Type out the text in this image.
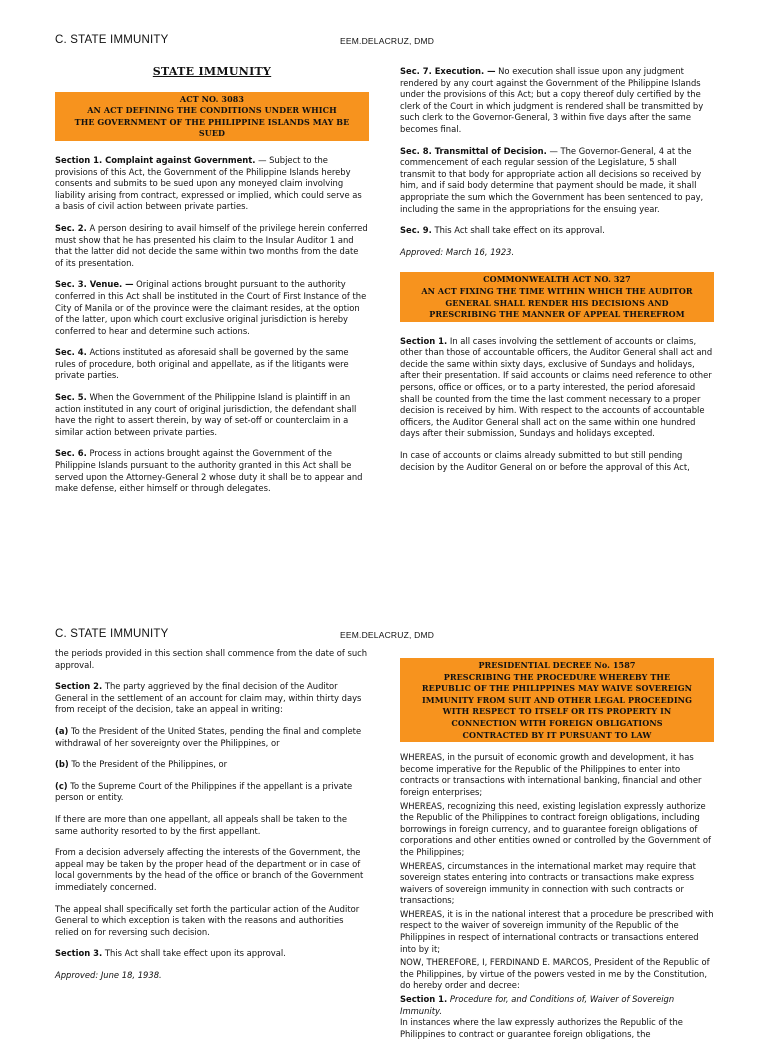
C. STATE IMMUNITY	EEM.DELACRUZ, DMD
STATE IMMUNITY
ACT NO. 3083
AN ACT DEFINING THE CONDITIONS UNDER WHICH
THE GOVERNMENT OF THE PHILIPPINE ISLANDS MAY BE
SUED

Section 1. Complaint against Government. — Subject to the provisions of this Act, the Government of the Philippine Islands hereby consents and submits to be sued upon any moneyed claim involving liability arising from contract, expressed or implied, which could serve as a basis of civil action between private parties.

Sec. 2. A person desiring to avail himself of the privilege herein conferred must show that he has presented his claim to the Insular Auditor 1 and that the latter did not decide the same within two months from the date of its presentation.

Sec. 3. Venue. — Original actions brought pursuant to the authority conferred in this Act shall be instituted in the Court of First Instance of the City of Manila or of the province were the claimant resides, at the option of the latter, upon which court exclusive original jurisdiction is hereby conferred to hear and determine such actions.

Sec. 4. Actions instituted as aforesaid shall be governed by the same rules of procedure, both original and appellate, as if the litigants were private parties.

Sec. 5. When the Government of the Philippine Island is plaintiff in an action instituted in any court of original jurisdiction, the defendant shall have the right to assert therein, by way of set-off or counterclaim in a similar action between private parties.

Sec. 6. Process in actions brought against the Government of the Philippine Islands pursuant to the authority granted in this Act shall be served upon the Attorney-General 2 whose duty it shall be to appear and make defense, either himself or through delegates.

Sec. 7. Execution. — No execution shall issue upon any judgment rendered by any court against the Government of the Philippine Islands under the provisions of this Act; but a copy thereof duly certified by the clerk of the Court in which judgment is rendered shall be transmitted by such clerk to the Governor-General, 3 within five days after the same becomes final.

Sec. 8. Transmittal of Decision. — The Governor-General, 4 at the commencement of each regular session of the Legislature, 5 shall transmit to that body for appropriate action all decisions so received by him, and if said body determine that payment should be made, it shall appropriate the sum which the Government has been sentenced to pay, including the same in the appropriations for the ensuing year.

Sec. 9. This Act shall take effect on its approval.

Approved: March 16, 1923.

COMMONWEALTH ACT NO. 327
AN ACT FIXING THE TIME WITHIN WHICH THE AUDITOR
GENERAL SHALL RENDER HIS DECISIONS AND
PRESCRIBING THE MANNER OF APPEAL THEREFROM

Section 1. In all cases involving the settlement of accounts or claims, other than those of accountable officers, the Auditor General shall act and decide the same within sixty days, exclusive of Sundays and holidays, after their presentation. If said accounts or claims need reference to other persons, office or offices, or to a party interested, the period aforesaid shall be counted from the time the last comment necessary to a proper decision is received by him. With respect to the accounts of accountable officers, the Auditor General shall act on the same within one hundred days after their submission, Sundays and holidays excepted.

In case of accounts or claims already submitted to but still pending decision by the Auditor General on or before the approval of this Act,

C. STATE IMMUNITY	EEM.DELACRUZ, DMD

the periods provided in this section shall commence from the date of such approval.

Section 2. The party aggrieved by the final decision of the Auditor General in the settlement of an account for claim may, within thirty days from receipt of the decision, take an appeal in writing:

(a) To the President of the United States, pending the final and complete withdrawal of her sovereignty over the Philippines, or

(b) To the President of the Philippines, or

(c) To the Supreme Court of the Philippines if the appellant is a private person or entity.

If there are more than one appellant, all appeals shall be taken to the same authority resorted to by the first appellant.

From a decision adversely affecting the interests of the Government, the appeal may be taken by the proper head of the department or in case of local governments by the head of the office or branch of the Government immediately concerned.

The appeal shall specifically set forth the particular action of the Auditor General to which exception is taken with the reasons and authorities relied on for reversing such decision.

Section 3. This Act shall take effect upon its approval.

Approved: June 18, 1938.

PRESIDENTIAL DECREE No. 1587
PRESCRIBING THE PROCEDURE WHEREBY THE
REPUBLIC OF THE PHILIPPINES MAY WAIVE SOVEREIGN
IMMUNITY FROM SUIT AND OTHER LEGAL PROCEEDING
WITH RESPECT TO ITSELF OR ITS PROPERTY IN
CONNECTION WITH FOREIGN OBLIGATIONS
CONTRACTED BY IT PURSUANT TO LAW

WHEREAS, in the pursuit of economic growth and development, it has become imperative for the Republic of the Philippines to enter into contracts or transactions with international banking, financial and other foreign enterprises;

WHEREAS, recognizing this need, existing legislation expressly authorize the Republic of the Philippines to contract foreign obligations, including borrowings in foreign currency, and to guarantee foreign obligations of corporations and other entities owned or controlled by the Government of the Philippines;

WHEREAS, circumstances in the international market may require that sovereign states entering into contracts or transactions make express waivers of sovereign immunity in connection with such contracts or transactions;

WHEREAS, it is in the national interest that a procedure be prescribed with respect to the waiver of sovereign immunity of the Republic of the Philippines in respect of international contracts or transactions entered into by it;

NOW, THEREFORE, I, FERDINAND E. MARCOS, President of the Republic of the Philippines, by virtue of the powers vested in me by the Constitution, do hereby order and decree:

Section 1. Procedure for, and Conditions of, Waiver of Sovereign Immunity.

In instances where the law expressly authorizes the Republic of the Philippines to contract or guarantee foreign obligations, the
